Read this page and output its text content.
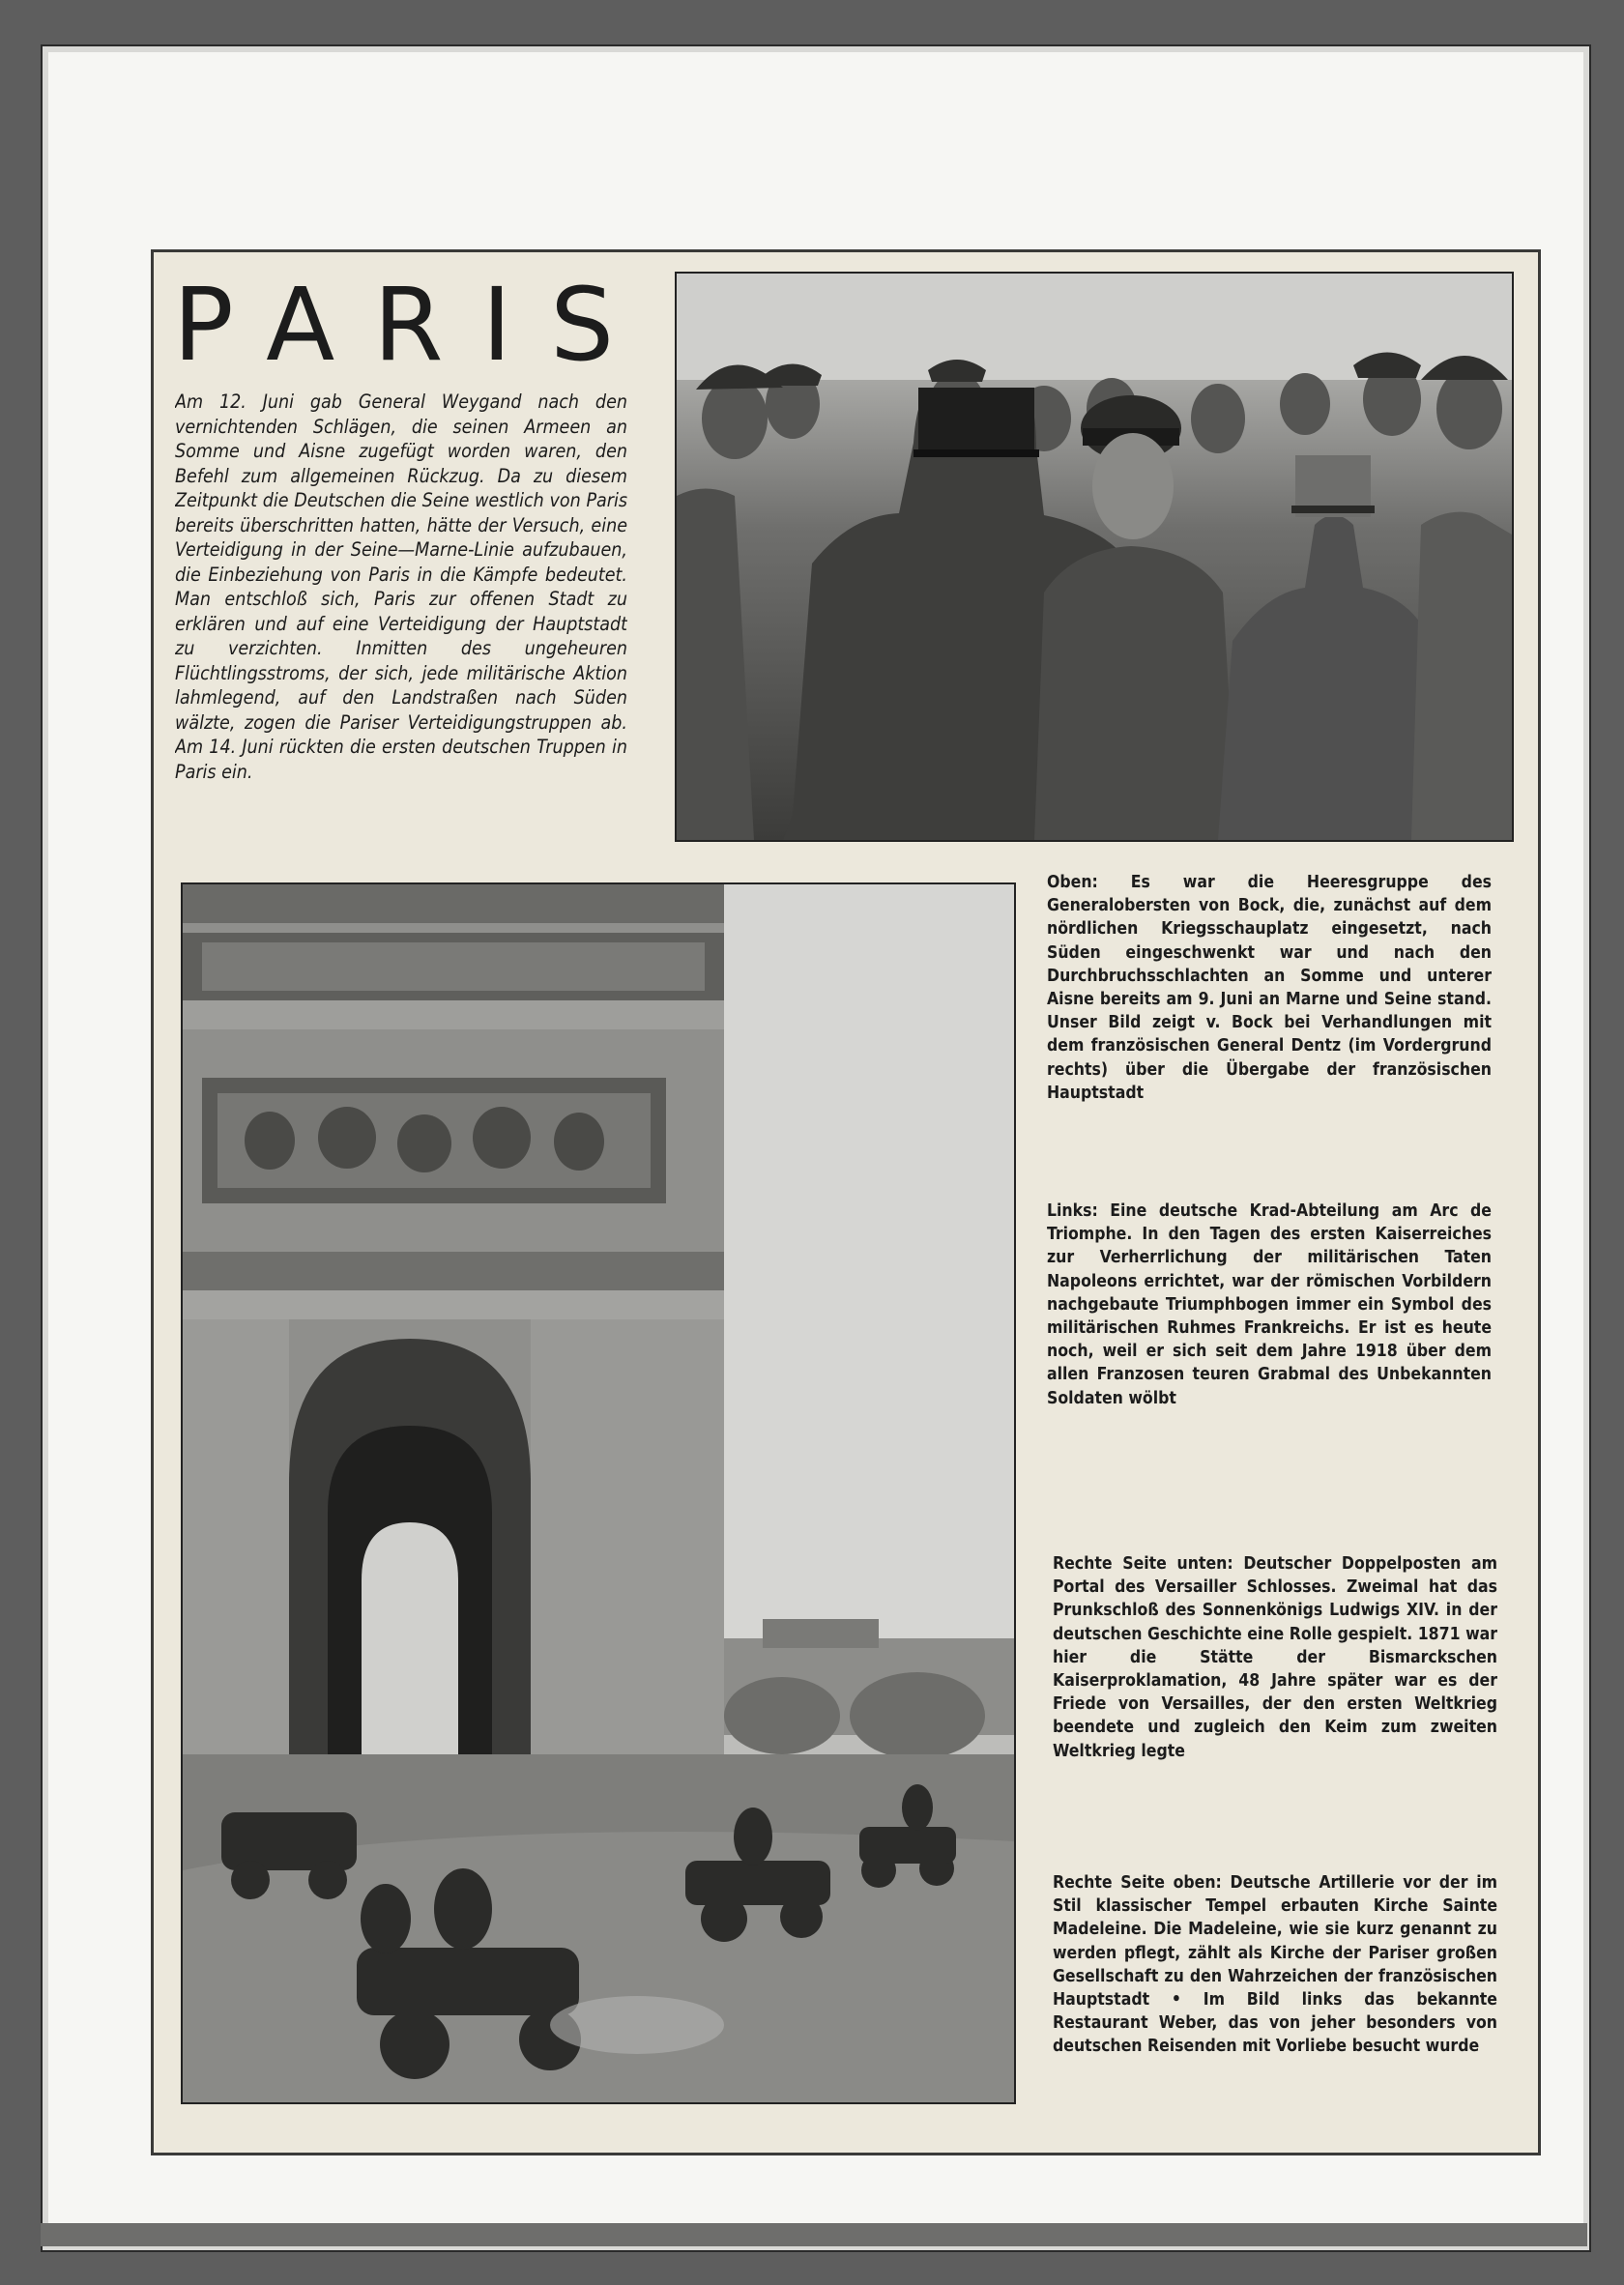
PARIS

Am 12. Juni gab General Weygand nach den vernichtenden Schlägen, die seinen Armeen an Somme und Aisne zugefügt worden waren, den Befehl zum allgemeinen Rückzug. Da zu diesem Zeitpunkt die Deutschen die Seine westlich von Paris bereits überschritten hatten, hätte der Versuch, eine Verteidigung in der Seine—Marne-Linie aufzubauen, die Einbeziehung von Paris in die Kämpfe bedeutet. Man entschloß sich, Paris zur offenen Stadt zu erklären und auf eine Verteidigung der Hauptstadt zu verzichten. Inmitten des ungeheuren Flüchtlingsstroms, der sich, jede militärische Aktion lahmlegend, auf den Landstraßen nach Süden wälzte, zogen die Pariser Verteidigungstruppen ab. Am 14. Juni rückten die ersten deutschen Truppen in Paris ein.

Oben: Es war die Heeresgruppe des Generalobersten von Bock, die, zunächst auf dem nördlichen Kriegsschauplatz eingesetzt, nach Süden eingeschwenkt war und nach den Durchbruchsschlachten an Somme und unterer Aisne bereits am 9. Juni an Marne und Seine stand. Unser Bild zeigt v. Bock bei Verhandlungen mit dem französischen General Dentz (im Vordergrund rechts) über die Übergabe der französischen Hauptstadt

Links: Eine deutsche Krad-Abteilung am Arc de Triomphe. In den Tagen des ersten Kaiserreiches zur Verherrlichung der militärischen Taten Napoleons errichtet, war der römischen Vorbildern nachgebaute Triumphbogen immer ein Symbol des militärischen Ruhmes Frankreichs. Er ist es heute noch, weil er sich seit dem Jahre 1918 über dem allen Franzosen teuren Grabmal des Unbekannten Soldaten wölbt

Rechte Seite unten: Deutscher Doppelposten am Portal des Versailler Schlosses. Zweimal hat das Prunkschloß des Sonnenkönigs Ludwigs XIV. in der deutschen Geschichte eine Rolle gespielt. 1871 war hier die Stätte der Bismarckschen Kaiserproklamation, 48 Jahre später war es der Friede von Versailles, der den ersten Weltkrieg beendete und zugleich den Keim zum zweiten Weltkrieg legte

Rechte Seite oben: Deutsche Artillerie vor der im Stil klassischer Tempel erbauten Kirche Sainte Madeleine. Die Madeleine, wie sie kurz genannt zu werden pflegt, zählt als Kirche der Pariser großen Gesellschaft zu den Wahrzeichen der französischen Hauptstadt • Im Bild links das bekannte Restaurant Weber, das von jeher besonders von deutschen Reisenden mit Vorliebe besucht wurde
